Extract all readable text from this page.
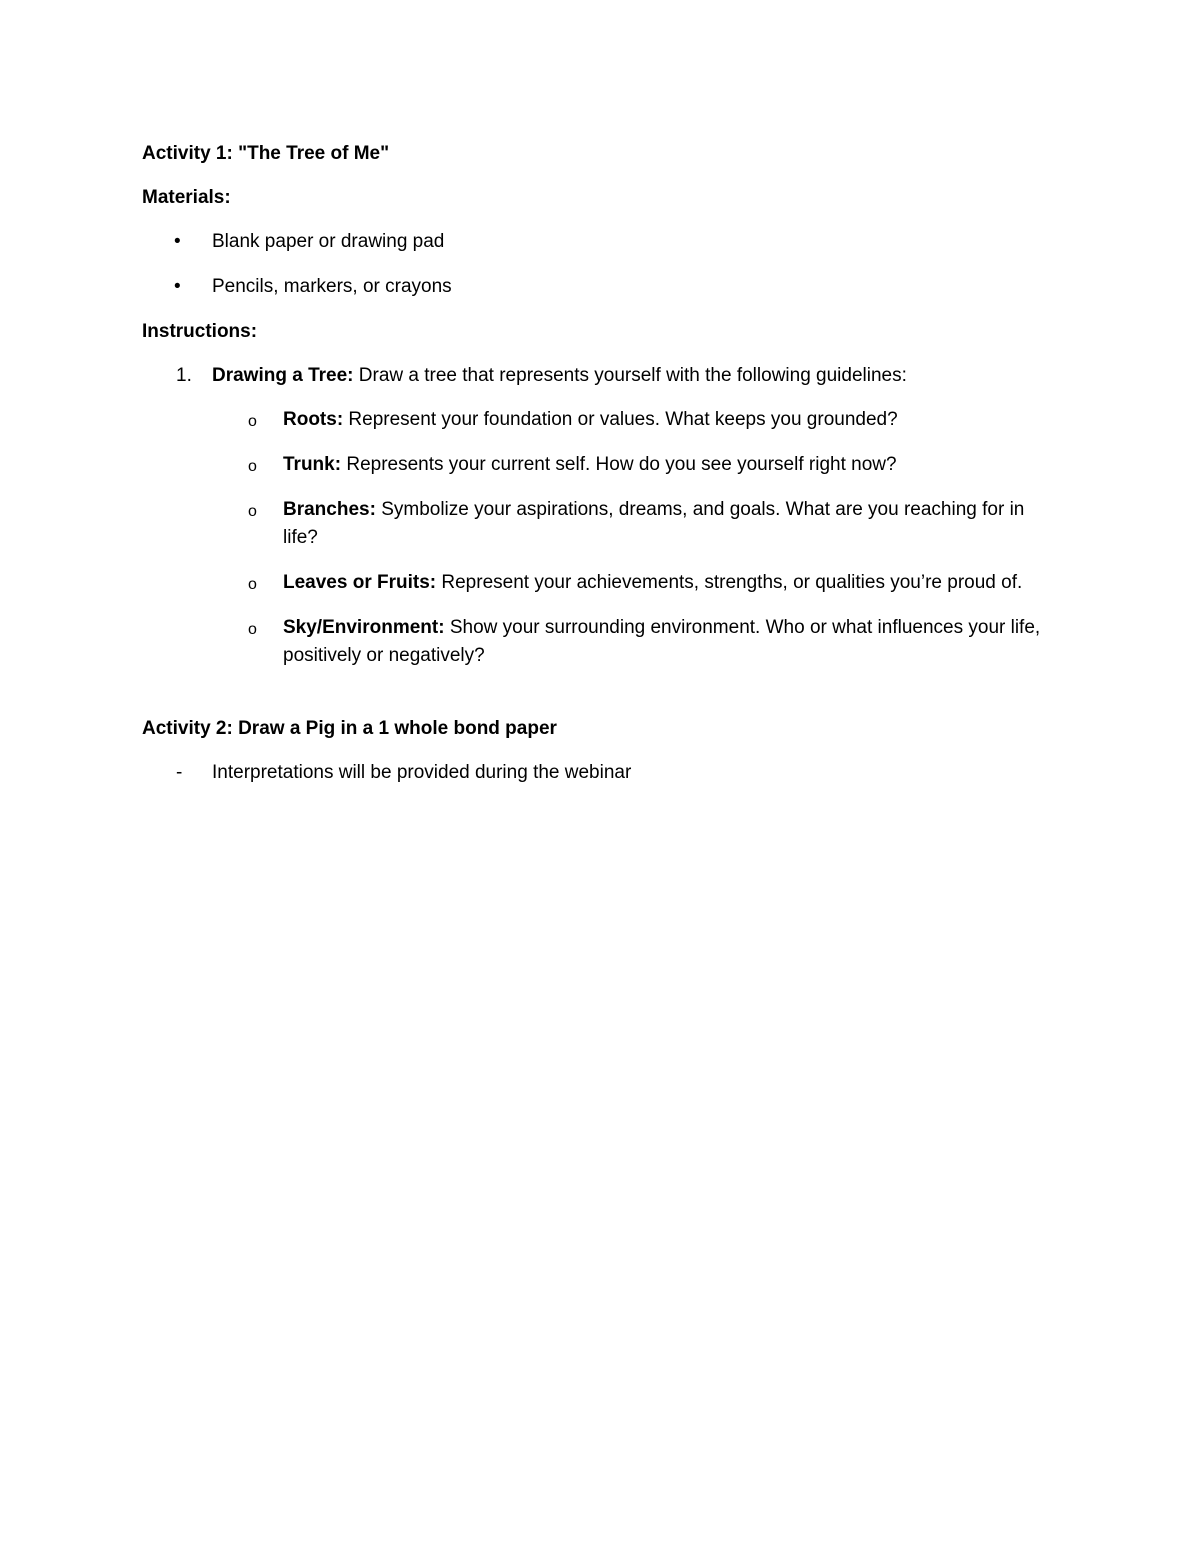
Activity 1: "The Tree of Me"
Materials:
• Blank paper or drawing pad
• Pencils, markers, or crayons
Instructions:
1. Drawing a Tree: Draw a tree that represents yourself with the following guidelines:
o Roots: Represent your foundation or values. What keeps you grounded?
o Trunk: Represents your current self. How do you see yourself right now?
o Branches: Symbolize your aspirations, dreams, and goals. What are you reaching for in life?
o Leaves or Fruits: Represent your achievements, strengths, or qualities you’re proud of.
o Sky/Environment: Show your surrounding environment. Who or what influences your life, positively or negatively?
Activity 2: Draw a Pig in a 1 whole bond paper
- Interpretations will be provided during the webinar
